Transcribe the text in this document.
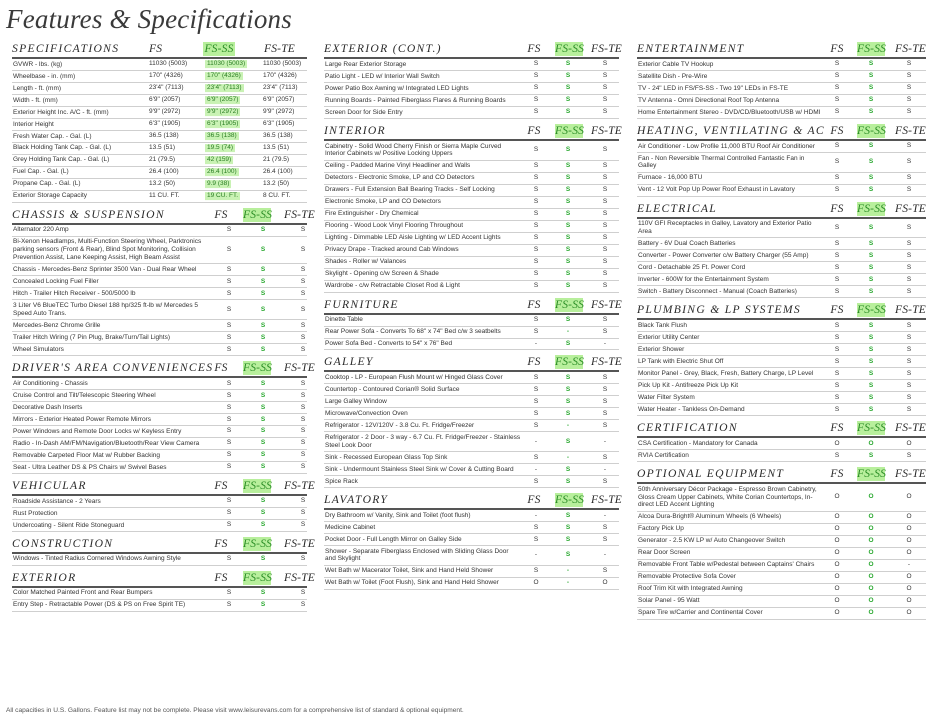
Features & Specifications
SPECIFICATIONS	FS	FS-SS	FS-TE
GVWR - lbs. (kg)	11030 (5003)	11030 (5003)	11030 (5003)
Wheelbase - in. (mm)	170" (4326)	170" (4326)	170" (4326)
Length - ft. (mm)	23'4" (7113)	23'4" (7113)	23'4" (7113)
Width - ft. (mm)	6'9" (2057)	6'9" (2057)	6'9" (2057)
Exterior Height Inc. A/C - ft. (mm)	9'9" (2972)	9'9" (2972)	9'9" (2972)
Interior Height	6'3" (1905)	6'3" (1905)	6'3" (1905)
Fresh Water Cap. - Gal. (L)	36.5 (138)	36.5 (138)	36.5 (138)
Black Holding Tank Cap. - Gal. (L)	13.5 (51)	19.5 (74)	13.5 (51)
Grey Holding Tank Cap. - Gal. (L)	21 (79.5)	42 (159)	21 (79.5)
Fuel Cap. - Gal. (L)	26.4 (100)	26.4 (100)	26.4 (100)
Propane Cap. - Gal. (L)	13.2 (50)	9.9 (38)	13.2 (50)
Exterior Storage Capacity	11 CU. FT.	19 CU. FT.	8 CU. FT.
CHASSIS & SUSPENSION	FS	FS-SS FS-TE
Alternator 220 Amp	S	S	S
Bi-Xenon Headlamps, Multi-Function Steering Wheel, Parktronics parking sensors (Front & Rear), Blind Spot Monitoring, Collision Prevention Assist, Lane Keeping Assist, High Beam Assist
S	S	S
Chassis - Mercedes-Benz Sprinter 3500 Van - Dual Rear Wheel	S	S	S
Concealed Locking Fuel Filler	S	S	S
Hitch - Trailer Hitch Receiver - 500/5000 lb	S	S	S
3 Liter V6 BlueTEC Turbo Diesel 188 hp/325 ft-lb w/ Mercedes 5 Speed Auto Trans.
S	S	S
Mercedes-Benz Chrome Grille	S	S	S
Trailer Hitch Wiring (7 Pin Plug, Brake/Turn/Tail Lights)	S	S	S
Wheel Simulators	S	S	S
DRIVER'S AREA CONVENIENCES FS	FS-SS FS-TE
Air Conditioning - Chassis	S	S	S
Cruise Control and Tilt/Telescopic Steering Wheel	S	S	S
Decorative Dash Inserts	S	S	S
Mirrors - Exterior Heated Power Remote Mirrors	S	S	S
Power Windows and Remote Door Locks w/ Keyless Entry	S	S	S
Radio - In-Dash AM/FM/Navigation/Bluetooth/Rear View Camera	S	S	S
Removable Carpeted Floor Mat w/ Rubber Backing	S	S	S
Seat - Ultra Leather DS & PS Chairs w/ Swivel Bases	S	S	S
VEHICULAR	FS	FS-SS FS-TE
Roadside Assistance - 2 Years	S	S	S
Rust Protection	S	S	S
Undercoating - Silent Ride Stoneguard	S	S	S
CONSTRUCTION	FS	FS-SS FS-TE
Windows - Tinted Radius Cornered Windows Awning Style	S	S	S
EXTERIOR	FS	FS-SS FS-TE
Color Matched Painted Front and Rear Bumpers	S	S	S
Entry Step - Retractable Power (DS & PS on Free Spirit TE)	S	S	S
EXTERIOR (CONT.)	FS	FS-SS FS-TE
Large Rear Exterior Storage	S	S	S
Patio Light - LED w/ Interior Wall Switch	S	S	S
Power Patio Box Awning w/ Integrated LED Lights	S	S	S
Running Boards - Painted Fiberglass Flares & Running Boards	S	S	S
Screen Door for Side Entry	S	S	S
INTERIOR	FS	FS-SS FS-TE
Cabinetry - Solid Wood Cherry Finish or Sierra Maple Curved Interior Cabinets w/ Positive Locking Uppers
S	S	S
Ceiling - Padded Marine Vinyl Headliner and Walls	S	S	S
Detectors - Electronic Smoke, LP and CO Detectors	S	S	S
Drawers - Full Extension Ball Bearing Tracks - Self Locking	S	S	S
Electronic Smoke, LP and CO Detectors	S	S	S
Fire Extinguisher - Dry Chemical	S	S	S
Flooring - Wood Look Vinyl Flooring Throughout	S	S	S
Lighting - Dimmable LED Aisle Lighting w/ LED Accent Lights	S	S	S
Privacy Drape - Tracked around Cab Windows	S	S	S
Shades - Roller w/ Valances	S	S	S
Skylight - Opening c/w Screen & Shade	S	S	S
Wardrobe - c/w Retractable Closet Rod & Light	S	S	S
FURNITURE	FS	FS-SS FS-TE
Dinette Table	S	S	S
Rear Power Sofa - Converts To 68" x 74" Bed c/w 3 seatbelts	S	-	S
Power Sofa Bed - Converts to 54" x 76" Bed	-	S	-
GALLEY	FS	FS-SS FS-TE
Cooktop - LP - European Flush Mount w/ Hinged Glass Cover	S	S	S
Countertop - Contoured Corian® Solid Surface	S	S	S
Large Galley Window	S	S	S
Microwave/Convection Oven	S	S	S
Refrigerator - 12V/120V - 3.8 Cu. Ft. Fridge/Freezer	S	-	S
Refrigerator - 2 Door - 3 way - 6.7 Cu. Ft. Fridge/Freezer - Stainless Steel Look Door
-	S	-
Sink - Recessed European Glass Top Sink	S	-	S
Sink - Undermount Stainless Steel Sink w/ Cover & Cutting Board	-	S	-
Spice Rack	S	S	S
LAVATORY	FS	FS-SS FS-TE
Dry Bathroom w/ Vanity, Sink and Toilet (foot flush)	-	S	-
Medicine Cabinet	S	S	S
Pocket Door - Full Length Mirror on Galley Side	S	S	S
Shower - Separate Fiberglass Enclosed with Sliding Glass Door and Skylight
-	S	-
Wet Bath w/ Macerator Toilet, Sink and Hand Held Shower	S	-	S
Wet Bath w/ Toilet (Foot Flush), Sink and Hand Held Shower	O	-	O
ENTERTAINMENT	FS	FS-SS FS-TE
Exterior Cable TV Hookup	S	S	S
Satellite Dish - Pre-Wire	S	S	S
TV - 24" LED in FS/FS-SS - Two 19" LEDs in FS-TE	S	S	S
TV Antenna - Omni Directional Roof Top Antenna	S	S	S
Home Entertainment Stereo - DVD/CD/Bluetooth/USB w/ HDMI	S	S	S
HEATING, VENTILATING & AC FS	FS-SS FS-TE
Air Conditioner - Low Profile 11,000 BTU Roof Air Conditioner	S	S	S
Fan - Non Reversible Thermal Controlled Fantastic Fan in Galley
S	S	S
Furnace - 16,000 BTU	S	S	S
Vent - 12 Volt Pop Up Power Roof Exhaust in Lavatory	S	S	S
ELECTRICAL	FS	FS-SS FS-TE
110V GFI Receptacles in Galley, Lavatory and Exterior Patio Area
S	S	S
Battery - 6V Dual Coach Batteries	S	S	S
Converter - Power Converter c/w Battery Charger (55 Amp)	S	S	S
Cord - Detachable 25 Ft. Power Cord	S	S	S
Inverter - 600W for the Entertainment System	S	S	S
Switch - Battery Disconnect - Manual (Coach Batteries)	S	S	S
PLUMBING & LP SYSTEMS	FS	FS-SS FS-TE
Black Tank Flush	S	S	S
Exterior Utility Center	S	S	S
Exterior Shower	S	S	S
LP Tank with Electric Shut Off	S	S	S
Monitor Panel - Grey, Black, Fresh, Battery Charge, LP Level	S	S	S
Pick Up Kit - Antifreeze Pick Up Kit	S	S	S
Water Filter System	S	S	S
Water Heater - Tankless On-Demand	S	S	S
CERTIFICATION	FS	FS-SS FS-TE
CSA Certification - Mandatory for Canada	O	O	O
RVIA Certification	S	S	S
OPTIONAL EQUIPMENT	FS	FS-SS FS-TE
50th Anniversary Décor Package - Espresso Brown Cabinetry, Gloss Cream Upper Cabinets, White Corian Countertops, In-direct LED Accent Lighting
O	O	O
Alcoa Dura-Bright® Aluminum Wheels (6 Wheels)	O	O	O
Factory Pick Up	O	O	O
Generator - 2.5 KW LP w/ Auto Changeover Switch	O	O	O
Rear Door Screen	O	O	O
Removable Front Table w/Pedestal between Captains' Chairs	O	O	-
Removable Protective Sofa Cover	O	O	O
Roof Trim Kit with Integrated Awning	O	O	O
Solar Panel - 95 Watt	O	O	O
Spare Tire w/Carrier and Continental Cover	O	O	O
All capacities in U.S. Gallons. Feature list may not be complete. Please visit www.leisurevans.com for a comprehensive list of standard & optional equipment.
